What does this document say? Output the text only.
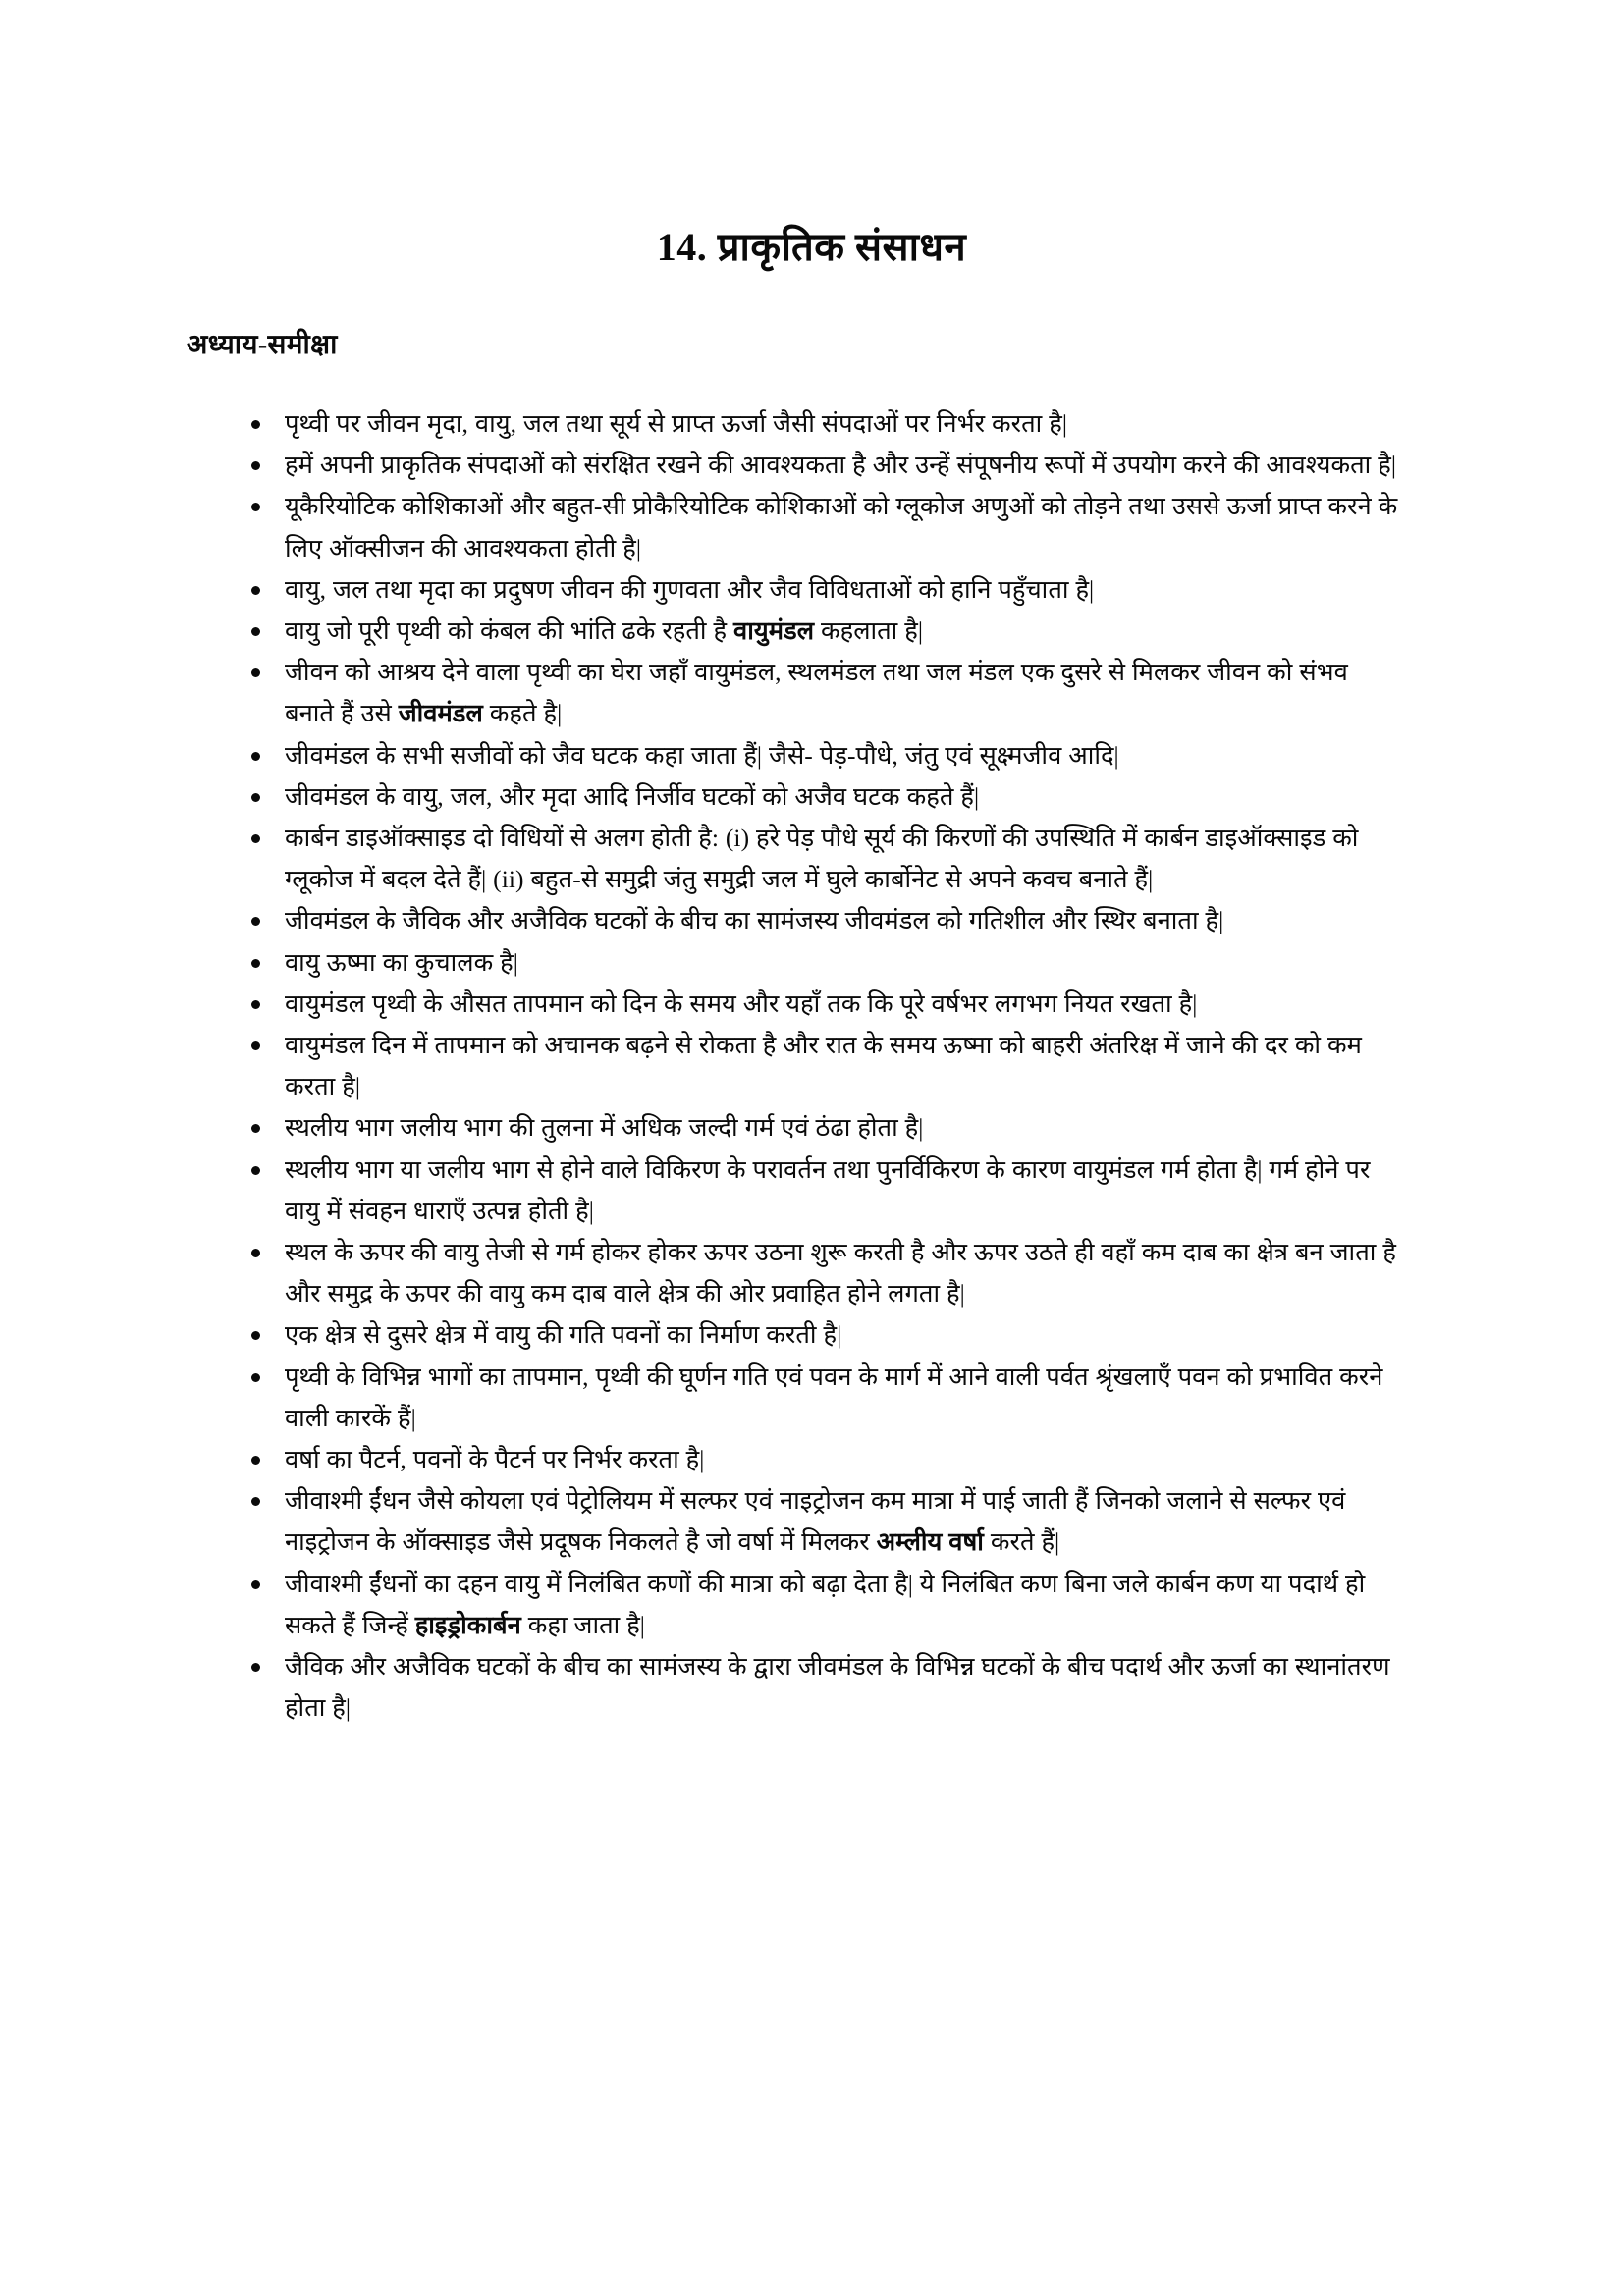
14. प्राकृतिक संसाधन
अध्याय-समीक्षा
पृथ्वी पर जीवन मृदा, वायु, जल तथा सूर्य से प्राप्त ऊर्जा जैसी संपदाओं पर निर्भर करता है|
हमें अपनी प्राकृतिक संपदाओं को संरक्षित रखने की आवश्यकता है और उन्हें संपूषनीय रूपों में उपयोग करने की आवश्यकता है|
यूकैरियोटिक कोशिकाओं और बहुत-सी प्रोकैरियोटिक कोशिकाओं को ग्लूकोज अणुओं को तोड़ने तथा उससे ऊर्जा प्राप्त करने के लिए ऑक्सीजन की आवश्यकता होती है|
वायु, जल तथा मृदा का प्रदुषण जीवन की गुणवता और जैव विविधताओं को हानि पहुँचाता है|
वायु जो पूरी पृथ्वी को कंबल की भांति ढके रहती है वायुमंडल कहलाता है|
जीवन को आश्रय देने वाला पृथ्वी का घेरा जहाँ वायुमंडल, स्थलमंडल तथा जल मंडल एक दुसरे से मिलकर जीवन को संभव बनाते हैं उसे जीवमंडल कहते है|
जीवमंडल के सभी सजीवों को जैव घटक कहा जाता हैं| जैसे- पेड़-पौधे, जंतु एवं सूक्ष्मजीव आदि|
जीवमंडल के वायु, जल, और मृदा आदि निर्जीव घटकों को अजैव घटक कहते हैं|
कार्बन डाइऑक्साइड दो विधियों से अलग होती है: (i) हरे पेड़ पौधे सूर्य की किरणों की उपस्थिति में कार्बन डाइऑक्साइड को ग्लूकोज में बदल देते हैं| (ii) बहुत-से समुद्री जंतु समुद्री जल में घुले कार्बोनेट से अपने कवच बनाते हैं|
जीवमंडल के जैविक और अजैविक घटकों के बीच का सामंजस्य जीवमंडल को गतिशील और स्थिर बनाता है|
वायु ऊष्मा का कुचालक है|
वायुमंडल पृथ्वी के औसत तापमान को दिन के समय और यहाँ तक कि पूरे वर्षभर लगभग नियत रखता है|
वायुमंडल दिन में तापमान को अचानक बढ़ने से रोकता है और रात के समय ऊष्मा को बाहरी अंतरिक्ष में जाने की दर को कम करता है|
स्थलीय भाग जलीय भाग की तुलना में अधिक जल्दी गर्म एवं ठंढा होता है|
स्थलीय भाग या जलीय भाग से होने वाले विकिरण के परावर्तन तथा पुनर्विकिरण के कारण वायुमंडल गर्म होता है| गर्म होने पर वायु में संवहन धाराएँ उत्पन्न होती है|
स्थल के ऊपर की वायु तेजी से गर्म होकर होकर ऊपर उठना शुरू करती है और ऊपर उठते ही वहाँ कम दाब का क्षेत्र बन जाता है और समुद्र के ऊपर की वायु कम दाब वाले क्षेत्र की ओर प्रवाहित होने लगता है|
एक क्षेत्र से दुसरे क्षेत्र में वायु की गति पवनों का निर्माण करती है|
पृथ्वी के विभिन्न भागों का तापमान, पृथ्वी की घूर्णन गति एवं पवन के मार्ग में आने वाली पर्वत श्रृंखलाएँ पवन को प्रभावित करने वाली कारकें हैं|
वर्षा का पैटर्न, पवनों के पैटर्न पर निर्भर करता है|
जीवाश्मी ईंधन जैसे कोयला एवं पेट्रोलियम में सल्फर एवं नाइट्रोजन कम मात्रा में पाई जाती हैं जिनको जलाने से सल्फर एवं नाइट्रोजन के ऑक्साइड जैसे प्रदूषक निकलते है जो वर्षा में मिलकर अम्लीय वर्षा करते हैं|
जीवाश्मी ईंधनों का दहन वायु में निलंबित कणों की मात्रा को बढ़ा देता है| ये निलंबित कण बिना जले कार्बन कण या पदार्थ हो सकते हैं जिन्हें हाइड्रोकार्बन कहा जाता है|
जैविक और अजैविक घटकों के बीच का सामंजस्य के द्वारा जीवमंडल के विभिन्न घटकों के बीच पदार्थ और ऊर्जा का स्थानांतरण होता है|
